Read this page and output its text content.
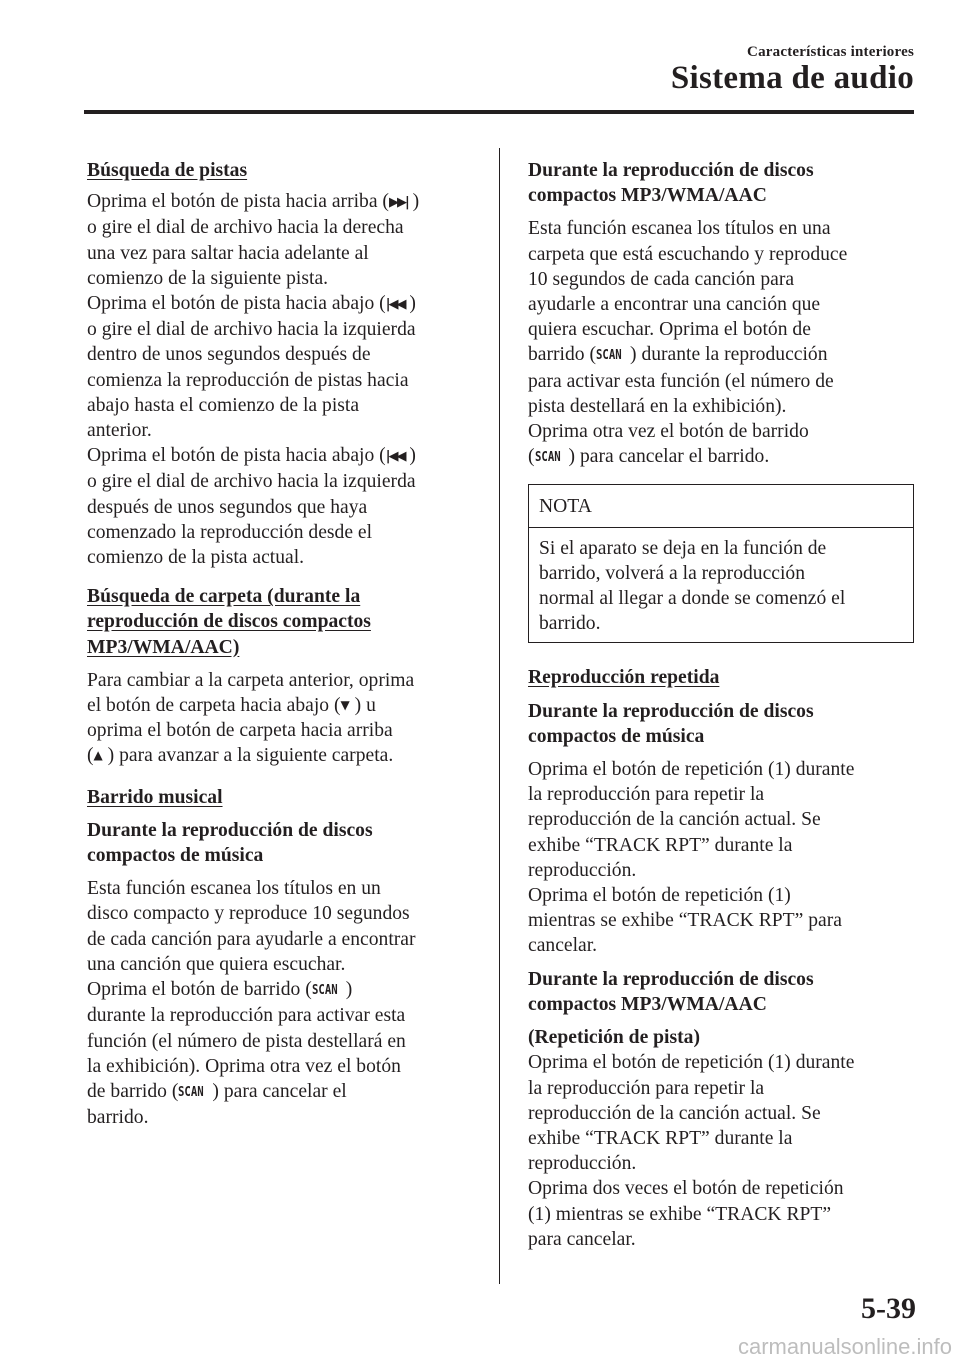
Características interiores
Sistema de audio
Búsqueda de pistas
Oprima el botón de pista hacia arriba (▶▶| )
o gire el dial de archivo hacia la derecha
una vez para saltar hacia adelante al
comienzo de la siguiente pista.
Oprima el botón de pista hacia abajo (|◀◀ )
o gire el dial de archivo hacia la izquierda
dentro de unos segundos después de
comienza la reproducción de pistas hacia
abajo hasta el comienzo de la pista
anterior.
Oprima el botón de pista hacia abajo (|◀◀ )
o gire el dial de archivo hacia la izquierda
después de unos segundos que haya
comenzado la reproducción desde el
comienzo de la pista actual.
Búsqueda de carpeta (durante la
reproducción de discos compactos
MP3/WMA/AAC)
Para cambiar a la carpeta anterior, oprima
el botón de carpeta hacia abajo (▼ ) u
oprima el botón de carpeta hacia arriba
(▲ ) para avanzar a la siguiente carpeta.
Barrido musical
Durante la reproducción de discos
compactos de música
Esta función escanea los títulos en un
disco compacto y reproduce 10 segundos
de cada canción para ayudarle a encontrar
una canción que quiera escuchar.
Oprima el botón de barrido (SCAN )
durante la reproducción para activar esta
función (el número de pista destellará en
la exhibición). Oprima otra vez el botón
de barrido (SCAN ) para cancelar el
barrido.
Durante la reproducción de discos
compactos MP3/WMA/AAC
Esta función escanea los títulos en una
carpeta que está escuchando y reproduce
10 segundos de cada canción para
ayudarle a encontrar una canción que
quiera escuchar. Oprima el botón de
barrido (SCAN ) durante la reproducción
para activar esta función (el número de
pista destellará en la exhibición).
Oprima otra vez el botón de barrido
(SCAN ) para cancelar el barrido.
NOTA
Si el aparato se deja en la función de
barrido, volverá a la reproducción
normal al llegar a donde se comenzó el
barrido.
Reproducción repetida
Durante la reproducción de discos
compactos de música
Oprima el botón de repetición (1) durante
la reproducción para repetir la
reproducción de la canción actual. Se
exhibe “TRACK RPT” durante la
reproducción.
Oprima el botón de repetición (1)
mientras se exhibe “TRACK RPT” para
cancelar.
Durante la reproducción de discos
compactos MP3/WMA/AAC
(Repetición de pista)
Oprima el botón de repetición (1) durante
la reproducción para repetir la
reproducción de la canción actual. Se
exhibe “TRACK RPT” durante la
reproducción.
Oprima dos veces el botón de repetición
(1) mientras se exhibe “TRACK RPT”
para cancelar.
5-39
carmanualsonline.info
